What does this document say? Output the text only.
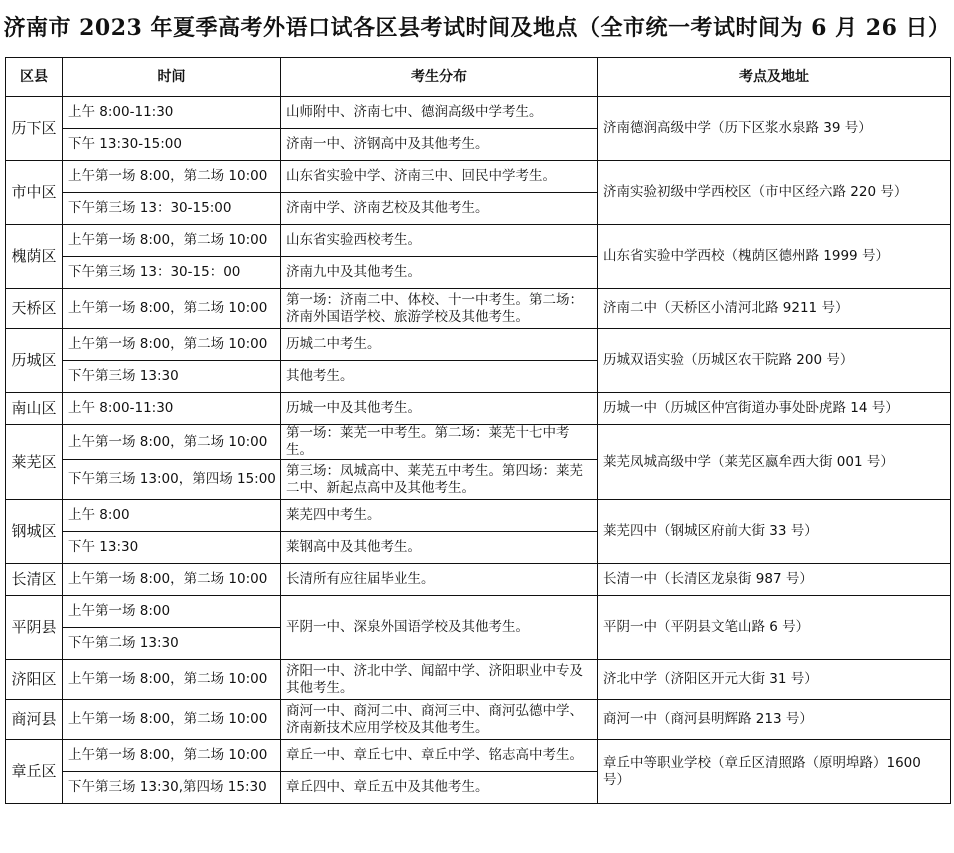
济南市 2023 年夏季高考外语口试各区县考试时间及地点（全市统一考试时间为 6 月 26 日）
区县	时间	考生分布	考点及地址
历下区	上午 8:00-11:30	山师附中、济南七中、德润高级中学考生。	济南德润高级中学（历下区浆水泉路 39 号）
	下午 13:30-15:00	济南一中、济钢高中及其他考生。	
市中区	上午第一场 8:00，第二场 10:00	山东省实验中学、济南三中、回民中学考生。	济南实验初级中学西校区（市中区经六路 220 号）
	下午第三场 13：30-15:00	济南中学、济南艺校及其他考生。	
槐荫区	上午第一场 8:00，第二场 10:00	山东省实验西校考生。	山东省实验中学西校（槐荫区德州路 1999 号）
	下午第三场 13：30-15：00	济南九中及其他考生。	
天桥区	上午第一场 8:00，第二场 10:00	第一场：济南二中、体校、十一中考生。第二场：济南外国语学校、旅游学校及其他考生。	济南二中（天桥区小清河北路 9211 号）
历城区	上午第一场 8:00，第二场 10:00	历城二中考生。	历城双语实验（历城区农干院路 200 号）
	下午第三场 13:30	其他考生。	
南山区	上午 8:00-11:30	历城一中及其他考生。	历城一中（历城区仲宫街道办事处卧虎路 14 号）
莱芜区	上午第一场 8:00，第二场 10:00	第一场：莱芜一中考生。第二场：莱芜十七中考生。	莱芜凤城高级中学（莱芜区嬴牟西大街 001 号）
	下午第三场 13:00，第四场 15:00	第三场：凤城高中、莱芜五中考生。第四场：莱芜二中、新起点高中及其他考生。	
钢城区	上午 8:00	莱芜四中考生。	莱芜四中（钢城区府前大街 33 号）
	下午 13:30	莱钢高中及其他考生。	
长清区	上午第一场 8:00，第二场 10:00	长清所有应往届毕业生。	长清一中（长清区龙泉街 987 号）
平阴县	上午第一场 8:00	平阴一中、深泉外国语学校及其他考生。	平阴一中（平阴县文笔山路 6 号）
	下午第二场 13:30		
济阳区	上午第一场 8:00，第二场 10:00	济阳一中、济北中学、闻韶中学、济阳职业中专及其他考生。	济北中学（济阳区开元大街 31 号）
商河县	上午第一场 8:00，第二场 10:00	商河一中、商河二中、商河三中、商河弘德中学、济南新技术应用学校及其他考生。	商河一中（商河县明辉路 213 号）
章丘区	上午第一场 8:00，第二场 10:00	章丘一中、章丘七中、章丘中学、铭志高中考生。	章丘中等职业学校（章丘区清照路（原明埠路）1600 号）
	下午第三场 13:30,第四场 15:30	章丘四中、章丘五中及其他考生。	
